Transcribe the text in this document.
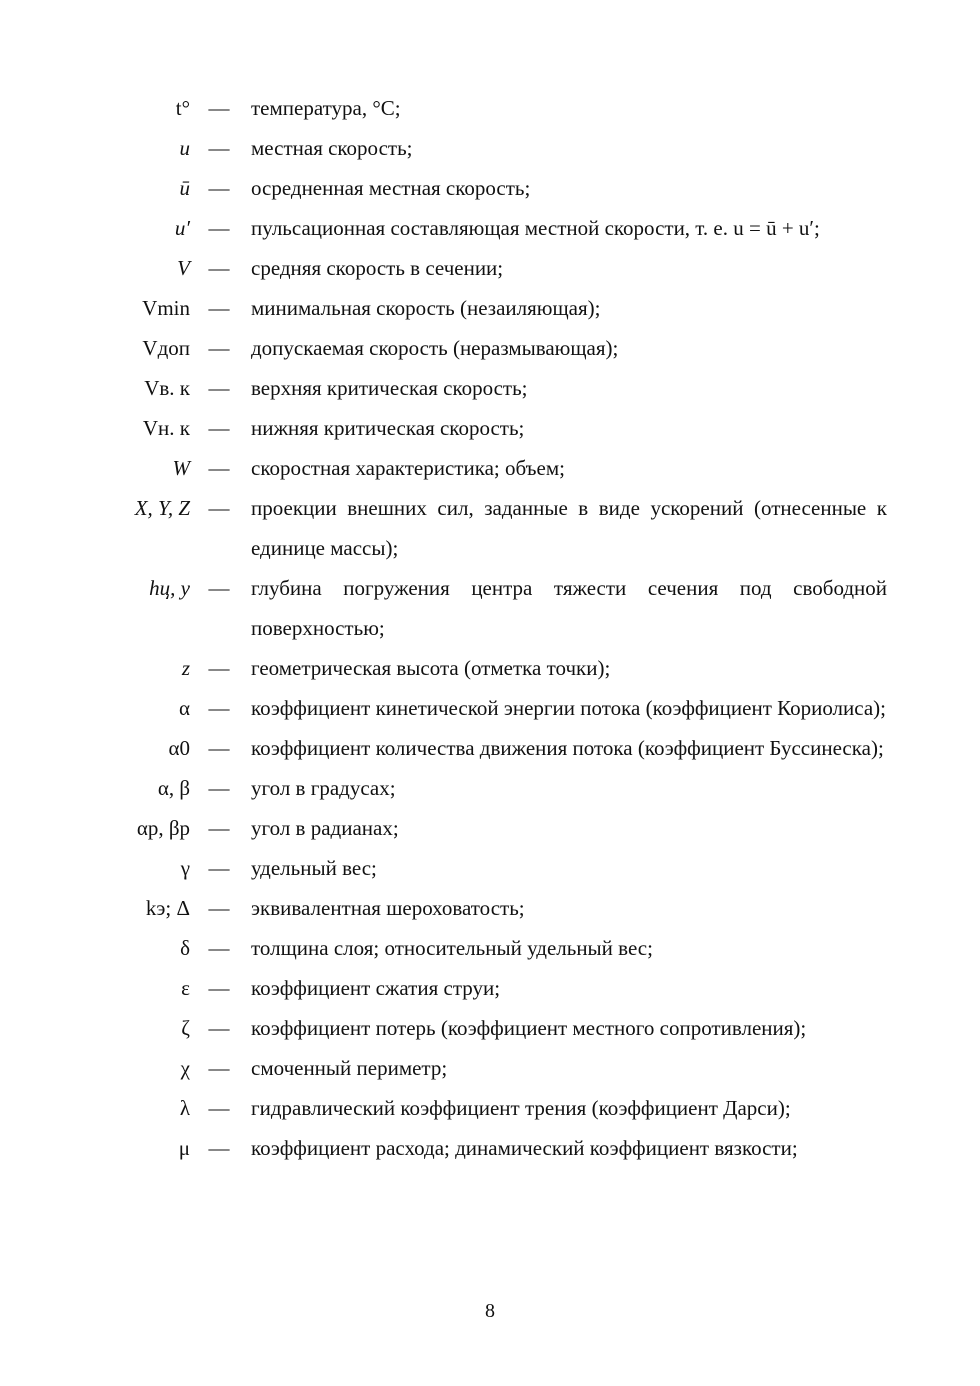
t° — температура, °С;
u — местная скорость;
ū — осредненная местная скорость;
u′ — пульсационная составляющая местной скорости, т. е. u = ū + u′;
V — средняя скорость в сечении;
Vmin — минимальная скорость (незаиляющая);
Vдоп — допускаемая скорость (неразмывающая);
Vв. к — верхняя критическая скорость;
Vн. к — нижняя критическая скорость;
W — скоростная характеристика; объем;
X, Y, Z — проекции внешних сил, заданные в виде ускорений (отнесенные к единице массы);
hц, y — глубина погружения центра тяжести сечения под свободной поверхностью;
z — геометрическая высота (отметка точки);
α — коэффициент кинетической энергии потока (коэффициент Кориолиса);
α0 — коэффициент количества движения потока (коэффициент Буссинеска);
α, β — угол в градусах;
αр, βр — угол в радианах;
γ — удельный вес;
kэ; Δ — эквивалентная шероховатость;
δ — толщина слоя; относительный удельный вес;
ε — коэффициент сжатия струи;
ζ — коэффициент потерь (коэффициент местного сопротивления);
χ — смоченный периметр;
λ — гидравлический коэффициент трения (коэффициент Дарси);
μ — коэффициент расхода; динамический коэффициент вязкости;
8
